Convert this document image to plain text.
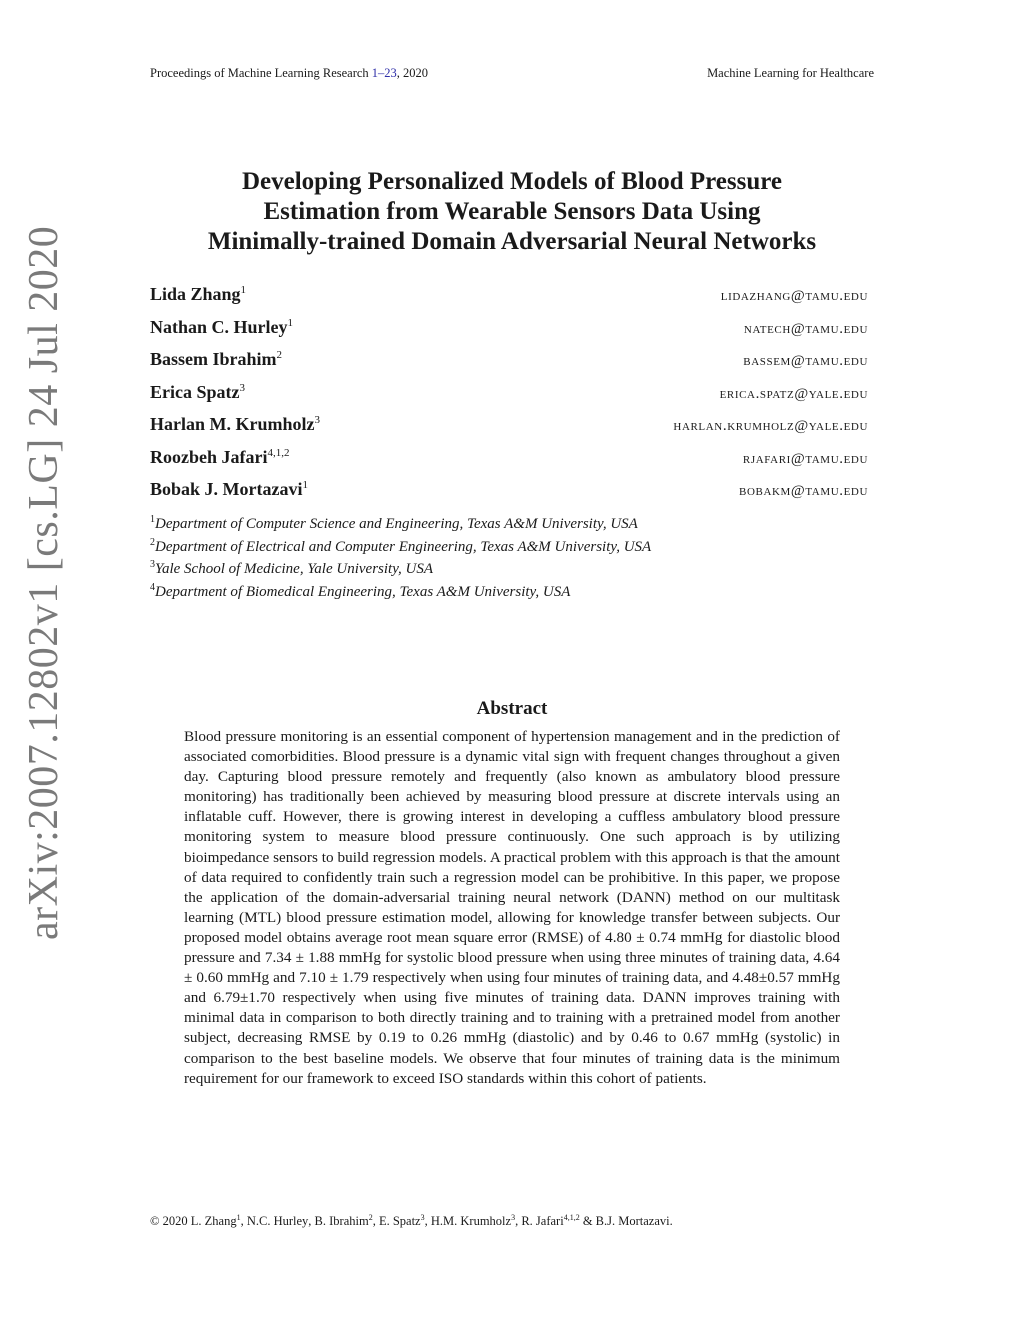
Proceedings of Machine Learning Research 1–23, 2020	Machine Learning for Healthcare
arXiv:2007.12802v1 [cs.LG] 24 Jul 2020
Developing Personalized Models of Blood Pressure
Estimation from Wearable Sensors Data Using
Minimally-trained Domain Adversarial Neural Networks
Lida Zhang$^1$	lidazhang@tamu.edu
Nathan C. Hurley$^1$	natech@tamu.edu
Bassem Ibrahim$^2$	bassem@tamu.edu
Erica Spatz$^3$	erica.spatz@yale.edu
Harlan M. Krumholz$^3$	harlan.krumholz@yale.edu
Roozbeh Jafari$^{4,1,2}$	rjafari@tamu.edu
Bobak J. Mortazavi$^1$	bobakm@tamu.edu
$^1$Department of Computer Science and Engineering, Texas A&M University, USA
$^2$Department of Electrical and Computer Engineering, Texas A&M University, USA
$^3$Yale School of Medicine, Yale University, USA
$^4$Department of Biomedical Engineering, Texas A&M University, USA
Abstract
Blood pressure monitoring is an essential component of hypertension management and in the prediction of associated comorbidities. Blood pressure is a dynamic vital sign with frequent changes throughout a given day. Capturing blood pressure remotely and frequently (also known as ambulatory blood pressure monitoring) has traditionally been achieved by measuring blood pressure at discrete intervals using an inflatable cuff. However, there is growing interest in developing a cuffless ambulatory blood pressure monitoring system to measure blood pressure continuously. One such approach is by utilizing bioimpedance sensors to build regression models. A practical problem with this approach is that the amount of data required to confidently train such a regression model can be prohibitive. In this paper, we propose the application of the domain-adversarial training neural network (DANN) method on our multitask learning (MTL) blood pressure estimation model, allowing for knowledge transfer between subjects. Our proposed model obtains average root mean square error (RMSE) of 4.80 ± 0.74 mmHg for diastolic blood pressure and 7.34 ± 1.88 mmHg for systolic blood pressure when using three minutes of training data, 4.64 ± 0.60 mmHg and 7.10 ± 1.79 respectively when using four minutes of training data, and 4.48±0.57 mmHg and 6.79±1.70 respectively when using five minutes of training data. DANN improves training with minimal data in comparison to both directly training and to training with a pretrained model from another subject, decreasing RMSE by 0.19 to 0.26 mmHg (diastolic) and by 0.46 to 0.67 mmHg (systolic) in comparison to the best baseline models. We observe that four minutes of training data is the minimum requirement for our framework to exceed ISO standards within this cohort of patients.
© 2020 L. Zhang$^1$, N.C. Hurley, B. Ibrahim$^2$, E. Spatz$^3$, H.M. Krumholz$^3$, R. Jafari$^{4,1,2}$ & B.J. Mortazavi.
